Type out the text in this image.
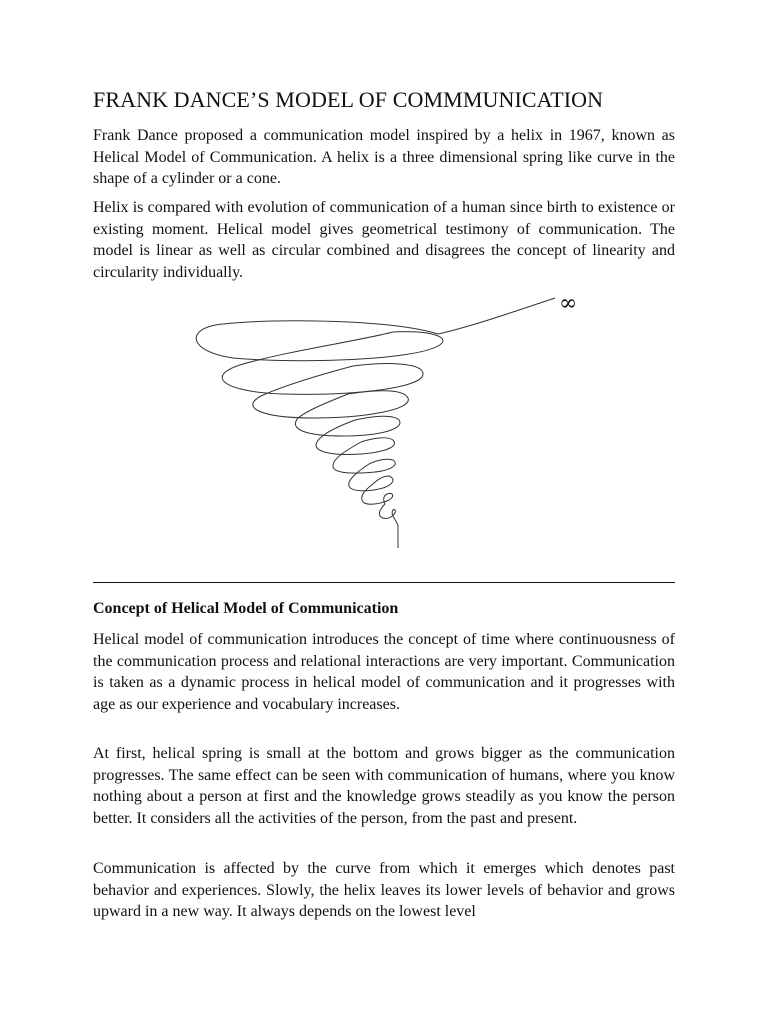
FRANK DANCE’S MODEL OF COMMMUNICATION

Frank Dance proposed a communication model inspired by a helix in 1967, known as Helical Model of Communication. A helix is a three dimensional spring like curve in the shape of a cylinder or a cone.

Helix is compared with evolution of communication of a human since birth to existence or existing moment. Helical model gives geometrical testimony of communication. The model is linear as well as circular combined and disagrees the concept of linearity and circularity individually.

∞
Concept of Helical Model of Communication

Helical model of communication introduces the concept of time where continuousness of the communication process and relational interactions are very important. Communication is taken as a dynamic process in helical model of communication and it progresses with age as our experience and vocabulary increases.

At first, helical spring is small at the bottom and grows bigger as the communication progresses. The same effect can be seen with communication of humans, where you know nothing about a person at first and the knowledge grows steadily as you know the person better. It considers all the activities of the person, from the past and present.

Communication is affected by the curve from which it emerges which denotes past behavior and experiences. Slowly, the helix leaves its lower levels of behavior and grows upward in a new way. It always depends on the lowest level
